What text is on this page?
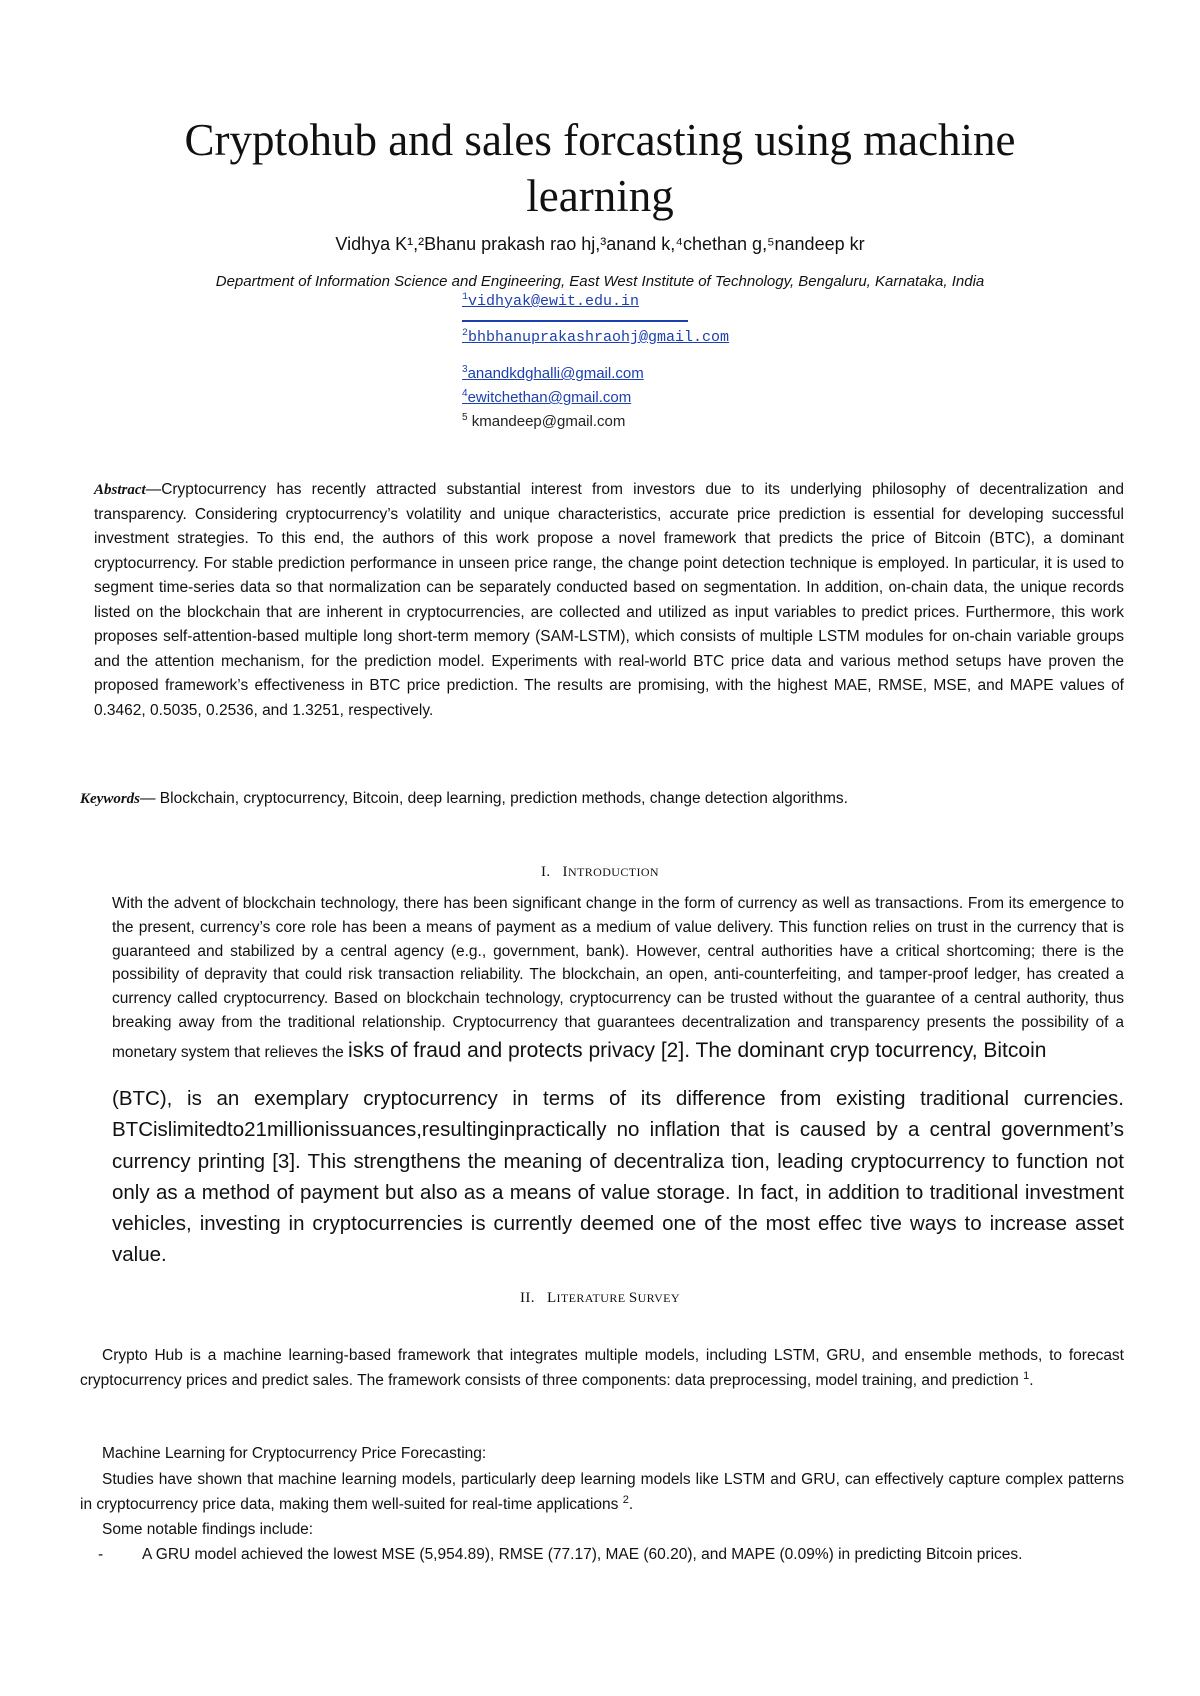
Cryptohub and sales forcasting using machine learning
Vidhya K¹,²Bhanu prakash rao hj,³anand k,⁴chethan g,⁵nandeep kr
Department of Information Science and Engineering, East West Institute of Technology, Bengaluru, Karnataka, India
$^1$vidhyak@ewit.edu.in
$^2$bhbhanuprakashraohj@gmail.com
$^3$anandkdghalli@gmail.com
$^4$ewitchethan@gmail.com
$^5$ kmandeep@gmail.com

Abstract—Cryptocurrency has recently attracted substantial interest from investors due to its underlying philosophy of decentralization and transparency. Considering cryptocurrency’s volatility and unique characteristics, accurate price prediction is essential for developing successful investment strategies. To this end, the authors of this work propose a novel framework that predicts the price of Bitcoin (BTC), a dominant cryptocurrency. For stable prediction performance in unseen price range, the change point detection technique is employed. In particular, it is used to segment time-series data so that normalization can be separately conducted based on segmentation. In addition, on-chain data, the unique records listed on the blockchain that are inherent in cryptocurrencies, are collected and utilized as input variables to predict prices. Furthermore, this work proposes self-attention-based multiple long short-term memory (SAM-LSTM), which consists of multiple LSTM modules for on-chain variable groups and the attention mechanism, for the prediction model. Experiments with real-world BTC price data and various method setups have proven the proposed framework’s effectiveness in BTC price prediction. The results are promising, with the highest MAE, RMSE, MSE, and MAPE values of 0.3462, 0.5035, 0.2536, and 1.3251, respectively.

Keywords— Blockchain, cryptocurrency, Bitcoin, deep learning, prediction methods, change detection algorithms.
I. INTRODUCTION

With the advent of blockchain technology, there has been significant change in the form of currency as well as transactions. From its emergence to the present, currency’s core role has been a means of payment as a medium of value delivery. This function relies on trust in the currency that is guaranteed and stabilized by a central agency (e.g., government, bank). However, central authorities have a critical shortcoming; there is the possibility of depravity that could risk transaction reliability. The blockchain, an open, anti-counterfeiting, and tamper-proof ledger, has created a currency called cryptocurrency. Based on blockchain technology, cryptocurrency can be trusted without the guarantee of a central authority, thus breaking away from the traditional relationship. Cryptocurrency that guarantees decentralization and transparency presents the possibility of a monetary system that relieves the isks of fraud and protects privacy [2]. The dominant cryp tocurrency, Bitcoin

(BTC), is an exemplary cryptocurrency in terms of its difference from existing traditional currencies. BTCislimitedto21millionissuances,resultinginpractically no inflation that is caused by a central government’s currency printing [3]. This strengthens the meaning of decentraliza tion, leading cryptocurrency to function not only as a method of payment but also as a means of value storage. In fact, in addition to traditional investment vehicles, investing in cryptocurrencies is currently deemed one of the most effec tive ways to increase asset value.

II. LITERATURE SURVEY

Crypto Hub is a machine learning-based framework that integrates multiple models, including LSTM, GRU, and ensemble methods, to forecast cryptocurrency prices and predict sales. The framework consists of three components: data preprocessing, model training, and prediction $^1$.

Machine Learning for Cryptocurrency Price Forecasting:

Studies have shown that machine learning models, particularly deep learning models like LSTM and GRU, can effectively capture complex patterns in cryptocurrency price data, making them well-suited for real-time applications $^2$.

Some notable findings include:

-	A GRU model achieved the lowest MSE (5,954.89), RMSE (77.17), MAE (60.20), and MAPE (0.09%) in predicting Bitcoin prices.
